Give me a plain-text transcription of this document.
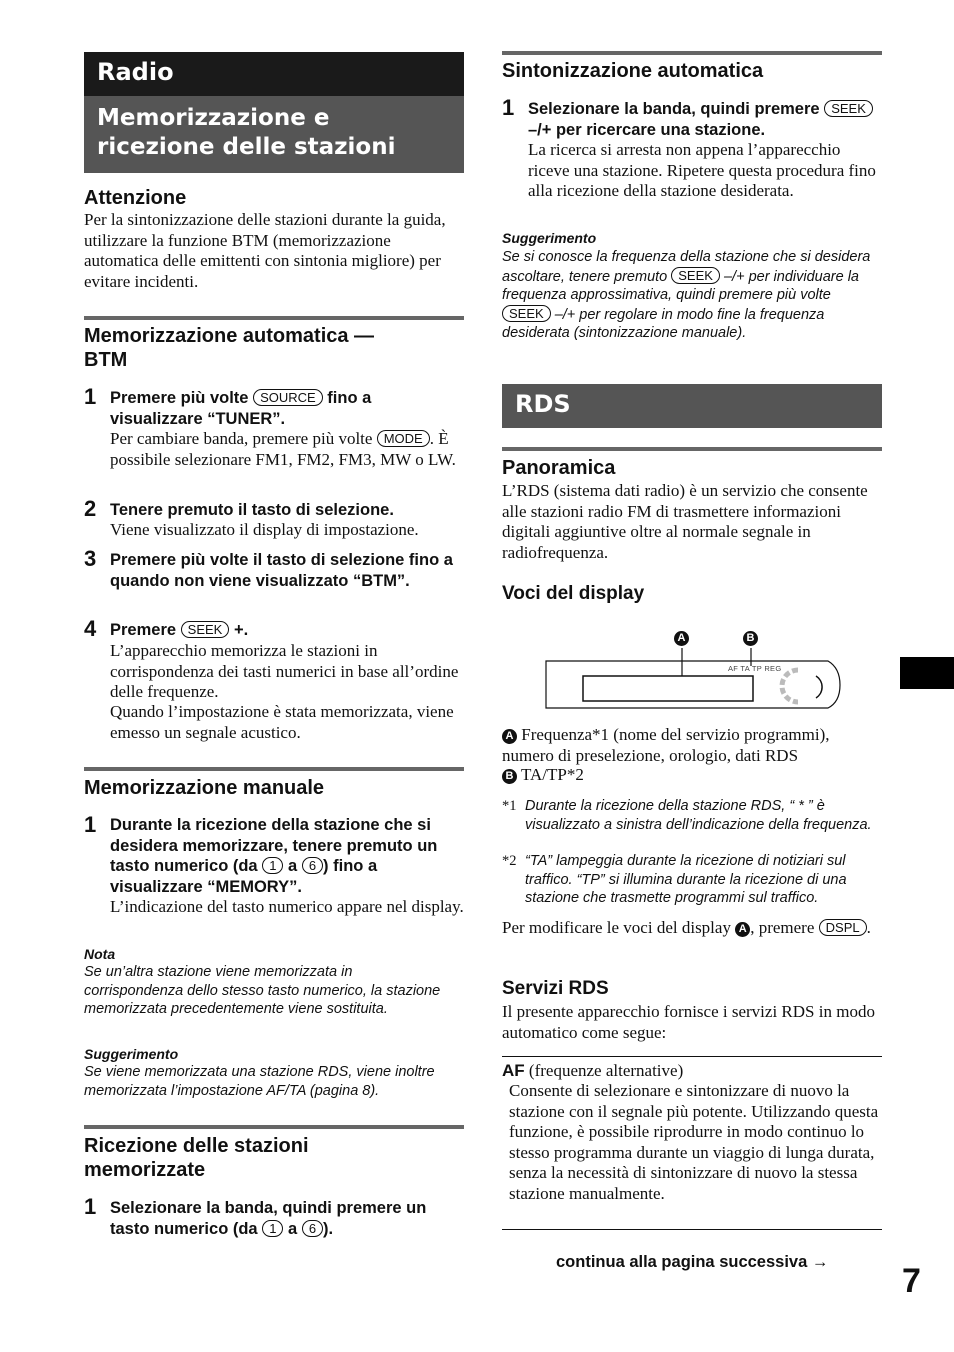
Radio
Memorizzazione e ricezione delle stazioni
Attenzione
Per la sintonizzazione delle stazioni durante la guida, utilizzare la funzione BTM (memorizzazione automatica delle emittenti con sintonia migliore) per evitare incidenti.
Memorizzazione automatica — BTM
1 Premere più volte SOURCE fino a visualizzare “TUNER”.
Per cambiare banda, premere più volte MODE . È possibile selezionare FM1, FM2, FM3, MW o LW.
2 Tenere premuto il tasto di selezione.
Viene visualizzato il display di impostazione.
3 Premere più volte il tasto di selezione fino a quando non viene visualizzato “BTM”.
4 Premere SEEK +.
L’apparecchio memorizza le stazioni in corrispondenza dei tasti numerici in base all’ordine delle frequenze.
Quando l’impostazione è stata memorizzata, viene emesso un segnale acustico.
Memorizzazione manuale
1 Durante la ricezione della stazione che si desidera memorizzare, tenere premuto un tasto numerico (da 1 a 6 ) fino a visualizzare “MEMORY”.
L’indicazione del tasto numerico appare nel display.
Nota
Se un’altra stazione viene memorizzata in corrispondenza dello stesso tasto numerico, la stazione memorizzata precedentemente viene sostituita.
Suggerimento
Se viene memorizzata una stazione RDS, viene inoltre memorizzata l’impostazione AF/TA (pagina 8).
Ricezione delle stazioni memorizzate
1 Selezionare la banda, quindi premere un tasto numerico (da 1 a 6 ).
Sintonizzazione automatica
1 Selezionare la banda, quindi premere SEEK –/+ per ricercare una stazione.
La ricerca si arresta non appena l’apparecchio riceve una stazione. Ripetere questa procedura fino alla ricezione della stazione desiderata.
Suggerimento
Se si conosce la frequenza della stazione che si desidera ascoltare, tenere premuto SEEK –/+ per individuare la frequenza approssimativa, quindi premere più volte SEEK –/+ per regolare in modo fine la frequenza desiderata (sintonizzazione manuale).
RDS
Panoramica
L’RDS (sistema dati radio) è un servizio che consente alle stazioni radio FM di trasmettere informazioni digitali aggiuntive oltre al normale segnale in radiofrequenza.
Voci del display
AF TA TP REG
A	B
A Frequenza*1 (nome del servizio programmi), numero di preselezione, orologio, dati RDS
B TA/TP*2
*1 Durante la ricezione della stazione RDS, “ * ” è visualizzato a sinistra dell’indicazione della frequenza.
*2 “TA” lampeggia durante la ricezione di notiziari sul traffico. “TP” si illumina durante la ricezione di una stazione che trasmette programmi sul traffico.
Per modificare le voci del display A , premere DSPL .
Servizi RDS
Il presente apparecchio fornisce i servizi RDS in modo automatico come segue:
AF (frequenze alternative)
Consente di selezionare e sintonizzare di nuovo la stazione con il segnale più potente. Utilizzando questa funzione, è possibile riprodurre in modo continuo lo stesso programma durante un viaggio di lunga durata, senza la necessità di sintonizzare di nuovo la stessa stazione manualmente.
continua alla pagina successiva → 7
